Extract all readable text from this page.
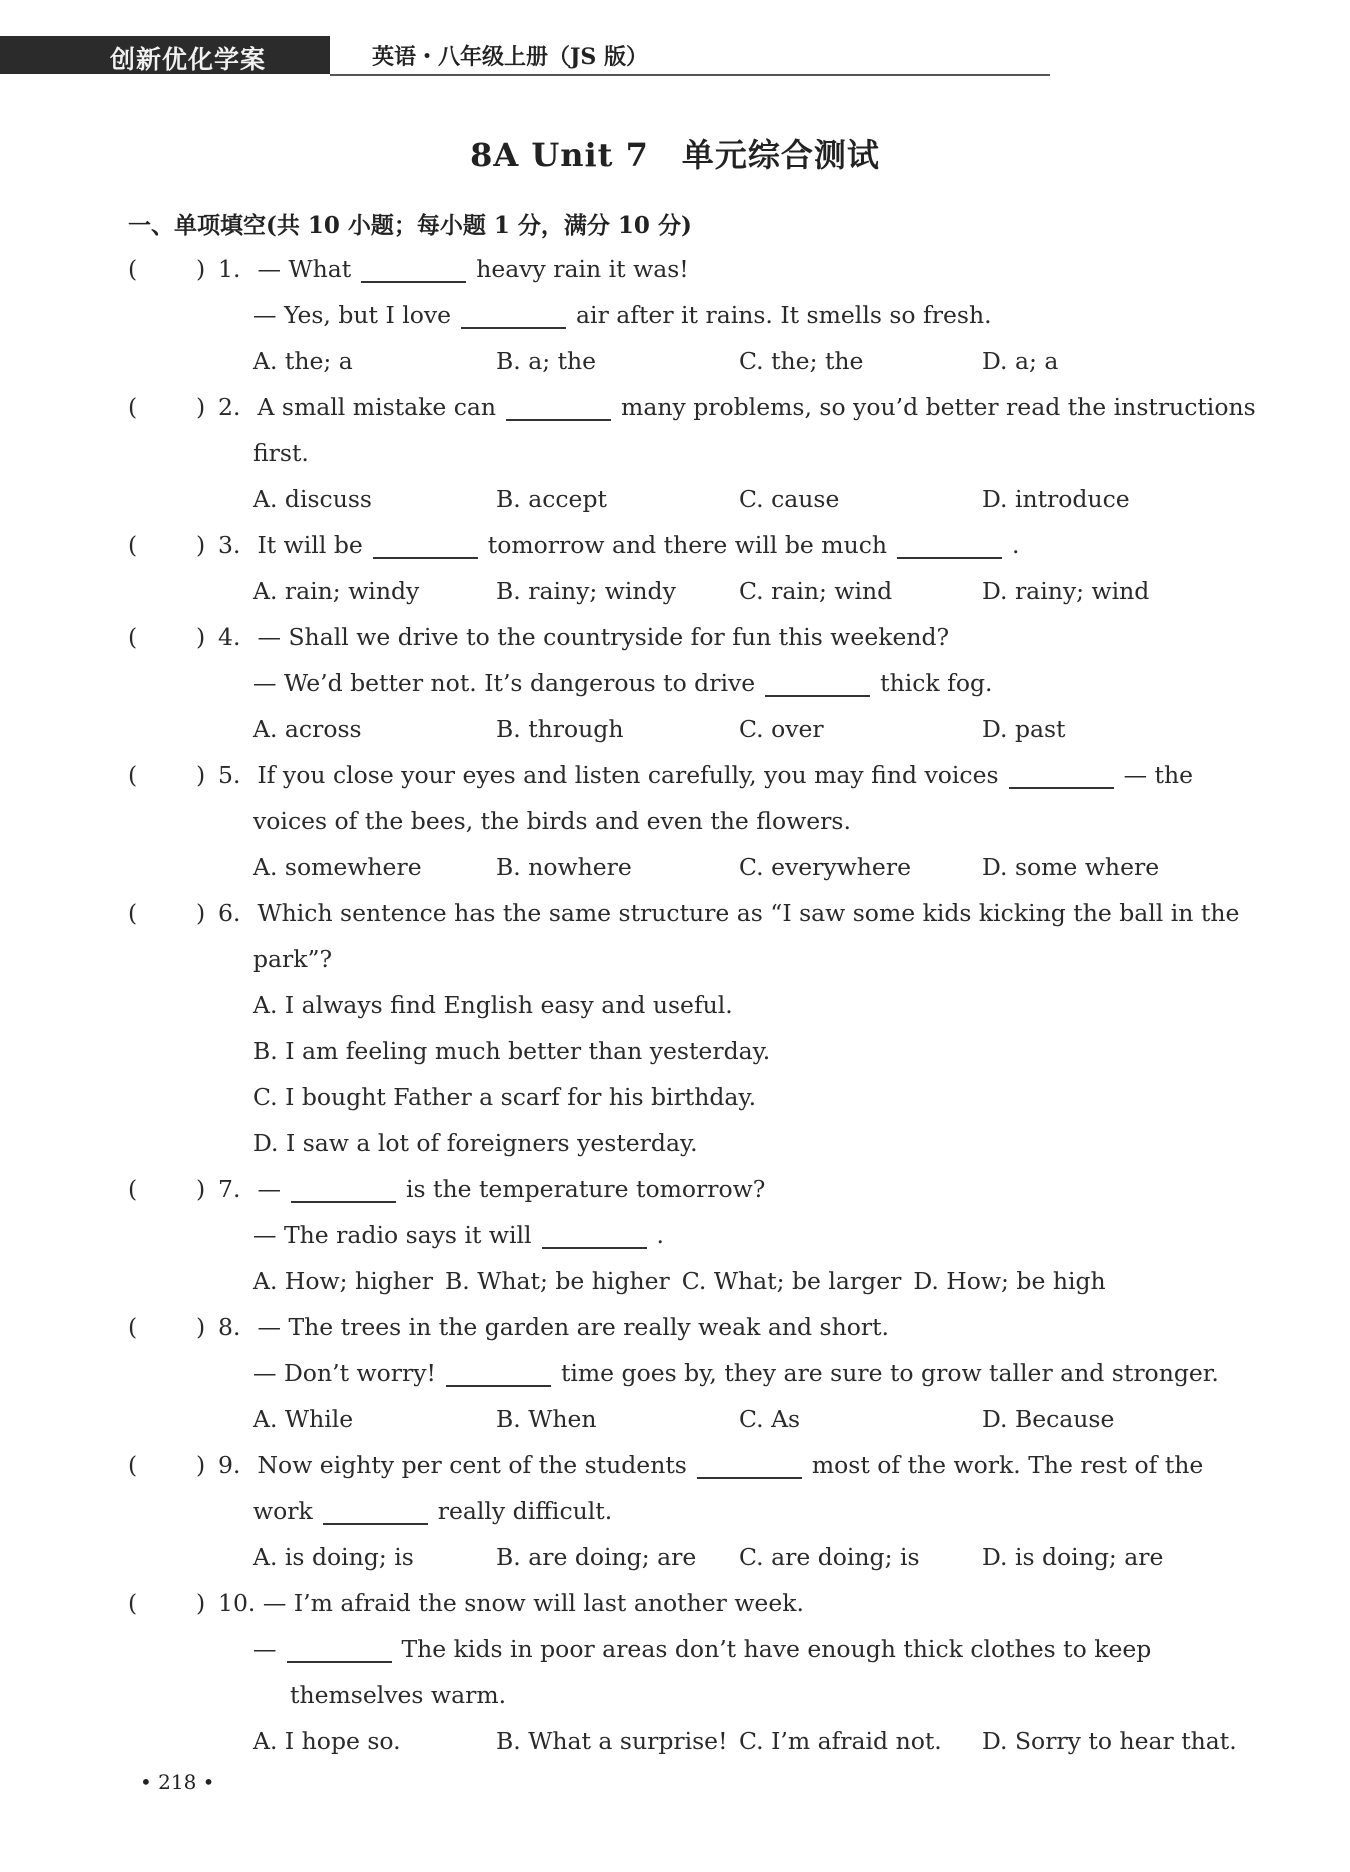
创新优化学案	英语・八年级上册（JS 版）
8A Unit 7　单元综合测试
一、单项填空(共 10 小题；每小题 1 分，满分 10 分)
(	) 1. — What	heavy rain it was!
— Yes, but I love	air after it rains. It smells so fresh.
A. the; a	B. a; the	C. the; the	D. a; a
(	) 2. A small mistake can	many problems, so you’d better read the instructions
first.
A. discuss	B. accept	C. cause	D. introduce
(	) 3. It will be	tomorrow and there will be much	.
A. rain; windy	B. rainy; windy	C. rain; wind	D. rainy; wind
(	) 4. — Shall we drive to the countryside for fun this weekend?
— We’d better not. It’s dangerous to drive	thick fog.
A. across	B. through	C. over	D. past
(	) 5. If you close your eyes and listen carefully, you may find voices	— the
voices of the bees, the birds and even the flowers.
A. somewhere	B. nowhere	C. everywhere	D. some where
(	) 6. Which sentence has the same structure as “I saw some kids kicking the ball in the
park”?
A. I always find English easy and useful.
B. I am feeling much better than yesterday.
C. I bought Father a scarf for his birthday.
D. I saw a lot of foreigners yesterday.
(	) 7. —	is the temperature tomorrow?
— The radio says it will	.
A. How; higher B. What; be higher C. What; be larger D. How; be high
(	) 8. — The trees in the garden are really weak and short.
— Don’t worry!	time goes by, they are sure to grow taller and stronger.
A. While	B. When	C. As	D. Because
(	) 9. Now eighty per cent of the students	most of the work. The rest of the
work	really difficult.
A. is doing; is	B. are doing; are	C. are doing; is	D. is doing; are
(	) 10. — I’m afraid the snow will last another week.
—	The kids in poor areas don’t have enough thick clothes to keep
themselves warm.
A. I hope so.	B. What a surprise! C. I’m afraid not.	D. Sorry to hear that.
• 218 •
